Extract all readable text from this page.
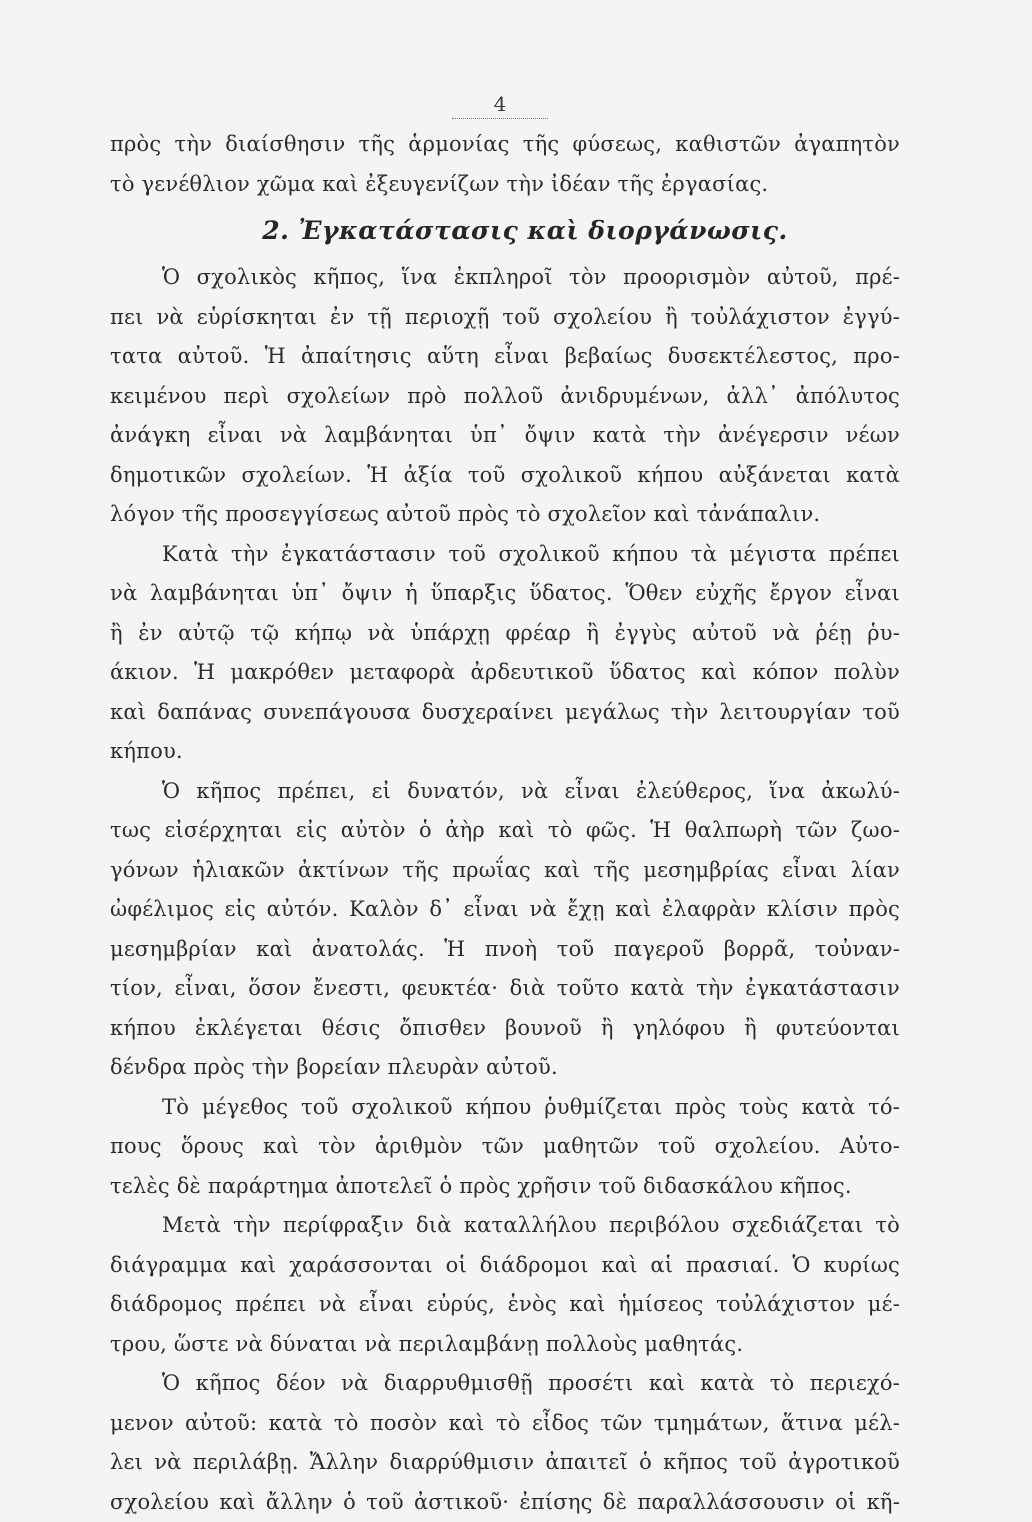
4
πρὸς τὴν διαίσθησιν τῆς ἁρμονίας τῆς φύσεως, καθιστῶν ἀγαπητὸν
τὸ γενέθλιον χῶμα καὶ ἐξευγενίζων τὴν ἰδέαν τῆς ἐργασίας.
2. Ἐγκατάστασις καὶ διοργάνωσις.
Ὁ σχολικὸς κῆπος, ἵνα ἐκπληροῖ τὸν προορισμὸν αὐτοῦ, πρέ-
πει νὰ εὑρίσκηται ἐν τῇ περιοχῇ τοῦ σχολείου ἢ τοὐλάχιστον ἐγγύ-
τατα αὐτοῦ. Ἡ ἀπαίτησις αὕτη εἶναι βεβαίως δυσεκτέλεστος, προ-
κειμένου περὶ σχολείων πρὸ πολλοῦ ἀνιδρυμένων, ἀλλ᾽ ἀπόλυτος
ἀνάγκη εἶναι νὰ λαμβάνηται ὑπ᾽ ὄψιν κατὰ τὴν ἀνέγερσιν νέων
δημοτικῶν σχολείων. Ἡ ἀξία τοῦ σχολικοῦ κήπου αὐξάνεται κατὰ
λόγον τῆς προσεγγίσεως αὐτοῦ πρὸς τὸ σχολεῖον καὶ τἀνάπαλιν.
Κατὰ τὴν ἐγκατάστασιν τοῦ σχολικοῦ κήπου τὰ μέγιστα πρέπει
νὰ λαμβάνηται ὑπ᾽ ὄψιν ἡ ὕπαρξις ὕδατος. Ὅθεν εὐχῆς ἔργον εἶναι
ἢ ἐν αὐτῷ τῷ κήπῳ νὰ ὑπάρχῃ φρέαρ ἢ ἐγγὺς αὐτοῦ νὰ ῥέῃ ῥυ-
άκιον. Ἡ μακρόθεν μεταφορὰ ἀρδευτικοῦ ὕδατος καὶ κόπον πολὺν
καὶ δαπάνας συνεπάγουσα δυσχεραίνει μεγάλως τὴν λειτουργίαν τοῦ
κήπου.
Ὁ κῆπος πρέπει, εἰ δυνατόν, νὰ εἶναι ἐλεύθερος, ἵνα ἀκωλύ-
τως εἰσέρχηται εἰς αὐτὸν ὁ ἀὴρ καὶ τὸ φῶς. Ἡ θαλπωρὴ τῶν ζωο-
γόνων ἡλιακῶν ἀκτίνων τῆς πρωΐας καὶ τῆς μεσημβρίας εἶναι λίαν
ὠφέλιμος εἰς αὐτόν. Καλὸν δ᾽ εἶναι νὰ ἔχῃ καὶ ἐλαφρὰν κλίσιν πρὸς
μεσημβρίαν καὶ ἀνατολάς. Ἡ πνοὴ τοῦ παγεροῦ βορρᾶ, τοὐναν-
τίον, εἶναι, ὅσον ἔνεστι, φευκτέα· διὰ τοῦτο κατὰ τὴν ἐγκατάστασιν
κήπου ἐκλέγεται θέσις ὄπισθεν βουνοῦ ἢ γηλόφου ἢ φυτεύονται
δένδρα πρὸς τὴν βορείαν πλευρὰν αὐτοῦ.
Τὸ μέγεθος τοῦ σχολικοῦ κήπου ῥυθμίζεται πρὸς τοὺς κατὰ τό-
πους ὅρους καὶ τὸν ἀριθμὸν τῶν μαθητῶν τοῦ σχολείου. Αὐτο-
τελὲς δὲ παράρτημα ἀποτελεῖ ὁ πρὸς χρῆσιν τοῦ διδασκάλου κῆπος.
Μετὰ τὴν περίφραξιν διὰ καταλλήλου περιβόλου σχεδιάζεται τὸ
διάγραμμα καὶ χαράσσονται οἱ διάδρομοι καὶ αἱ πρασιαί. Ὁ κυρίως
διάδρομος πρέπει νὰ εἶναι εὐρύς, ἑνὸς καὶ ἡμίσεος τοὐλάχιστον μέ-
τρου, ὥστε νὰ δύναται νὰ περιλαμβάνῃ πολλοὺς μαθητάς.
Ὁ κῆπος δέον νὰ διαρρυθμισθῇ προσέτι καὶ κατὰ τὸ περιεχό-
μενον αὐτοῦ: κατὰ τὸ ποσὸν καὶ τὸ εἶδος τῶν τμημάτων, ἅτινα μέλ-
λει νὰ περιλάβῃ. Ἄλλην διαρρύθμισιν ἀπαιτεῖ ὁ κῆπος τοῦ ἀγροτικοῦ
σχολείου καὶ ἄλλην ὁ τοῦ ἀστικοῦ· ἐπίσης δὲ παραλλάσσουσιν οἱ κῆ-
